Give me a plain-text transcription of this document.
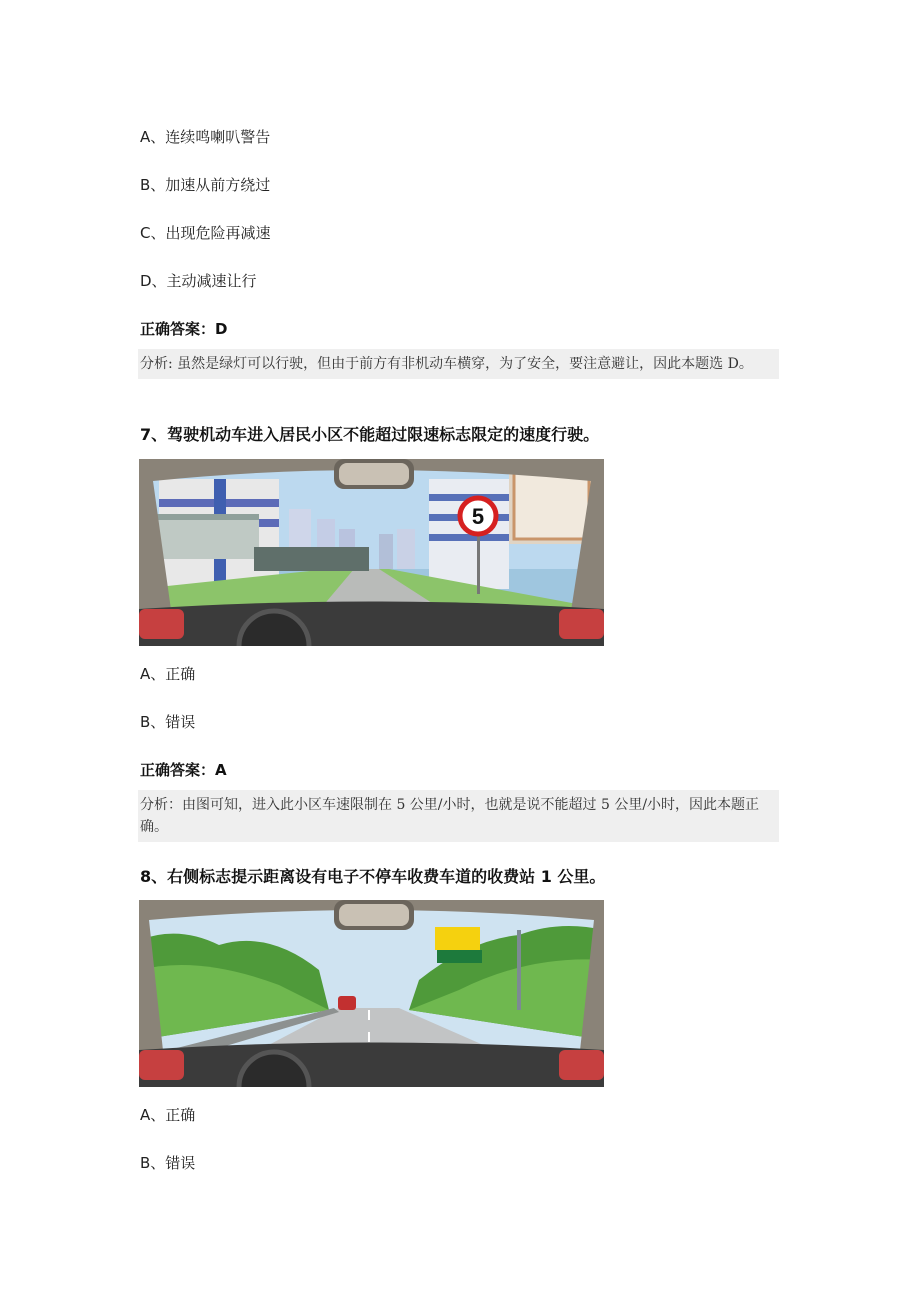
A、连续鸣喇叭警告
B、加速从前方绕过
C、出现危险再减速
D、主动减速让行
正确答案：D
分析: 虽然是绿灯可以行驶，但由于前方有非机动车横穿，为了安全，要注意避让，因此本题选 D。
7、驾驶机动车进入居民小区不能超过限速标志限定的速度行驶。
5
A、正确
B、错误
正确答案：A
分析：由图可知，进入此小区车速限制在 5 公里/小时，也就是说不能超过 5 公里/小时，因此本题正确。
8、右侧标志提示距离设有电子不停车收费车道的收费站 1 公里。
A、正确
B、错误
